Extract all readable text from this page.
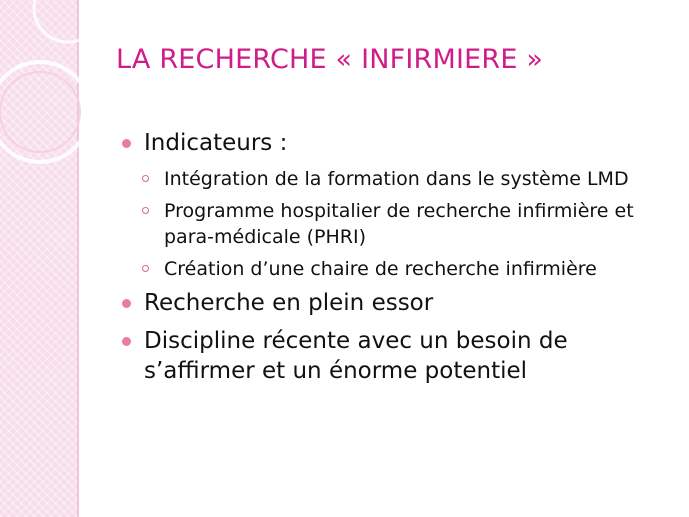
LA RECHERCHE « INFIRMIERE »
Indicateurs :
Intégration de la formation dans le système LMD
Programme hospitalier de recherche infirmière et para-médicale (PHRI)
Création d’une chaire de recherche infirmière
Recherche en plein essor
Discipline récente avec un besoin de s’affirmer et un énorme potentiel
